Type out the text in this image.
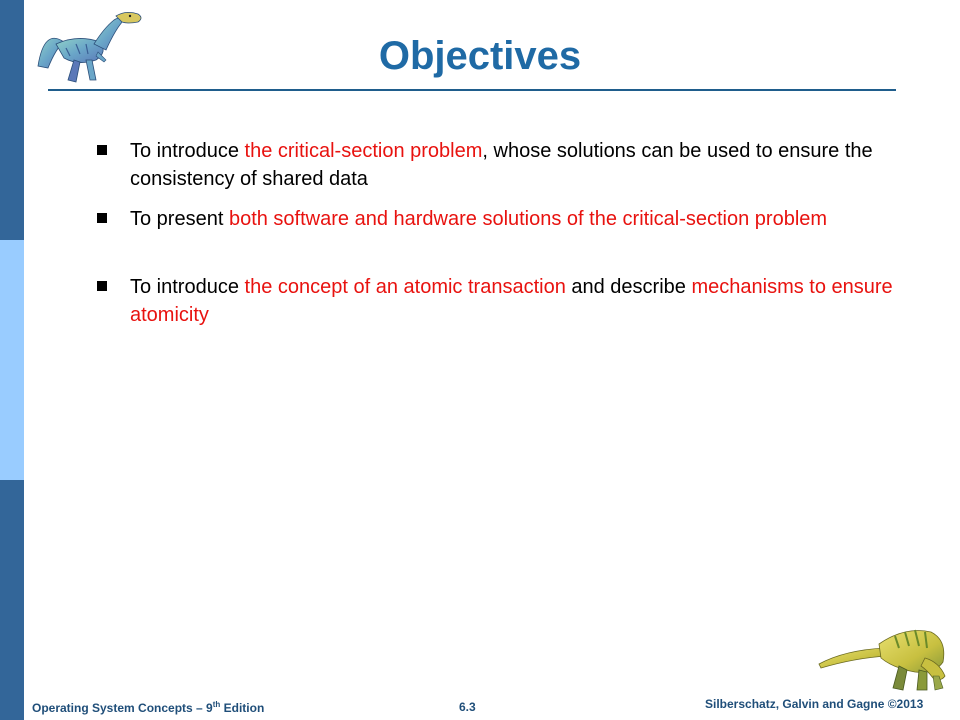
Objectives
To introduce the critical-section problem, whose solutions can be used to ensure the consistency of shared data
To present both software and hardware solutions of the critical-section problem
To introduce the concept of an atomic transaction and describe mechanisms to ensure atomicity
Operating System Concepts – 9th Edition	6.3	Silberschatz, Galvin and Gagne ©2013
